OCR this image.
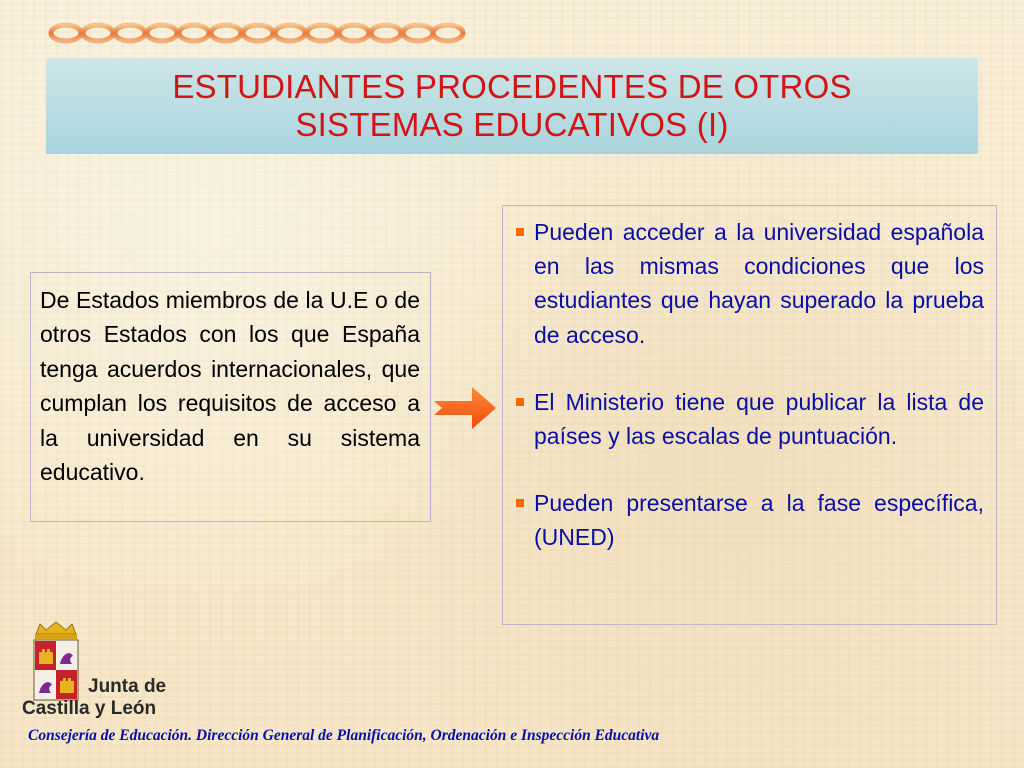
ESTUDIANTES PROCEDENTES DE OTROS
SISTEMAS EDUCATIVOS (I)

De Estados miembros de la U.E o de otros Estados con los que España tenga acuerdos internacionales, que cumplan los requisitos de acceso a la universidad en su sistema educativo.

Pueden acceder a la universidad española en las mismas condiciones que los estudiantes que hayan superado la prueba de acceso.
El Ministerio tiene que publicar la lista de países y las escalas de puntuación.
Pueden presentarse a la fase específica, (UNED)
Junta de
Castilla y León
Consejería de Educación. Dirección General de Planificación, Ordenación e Inspección Educativa
